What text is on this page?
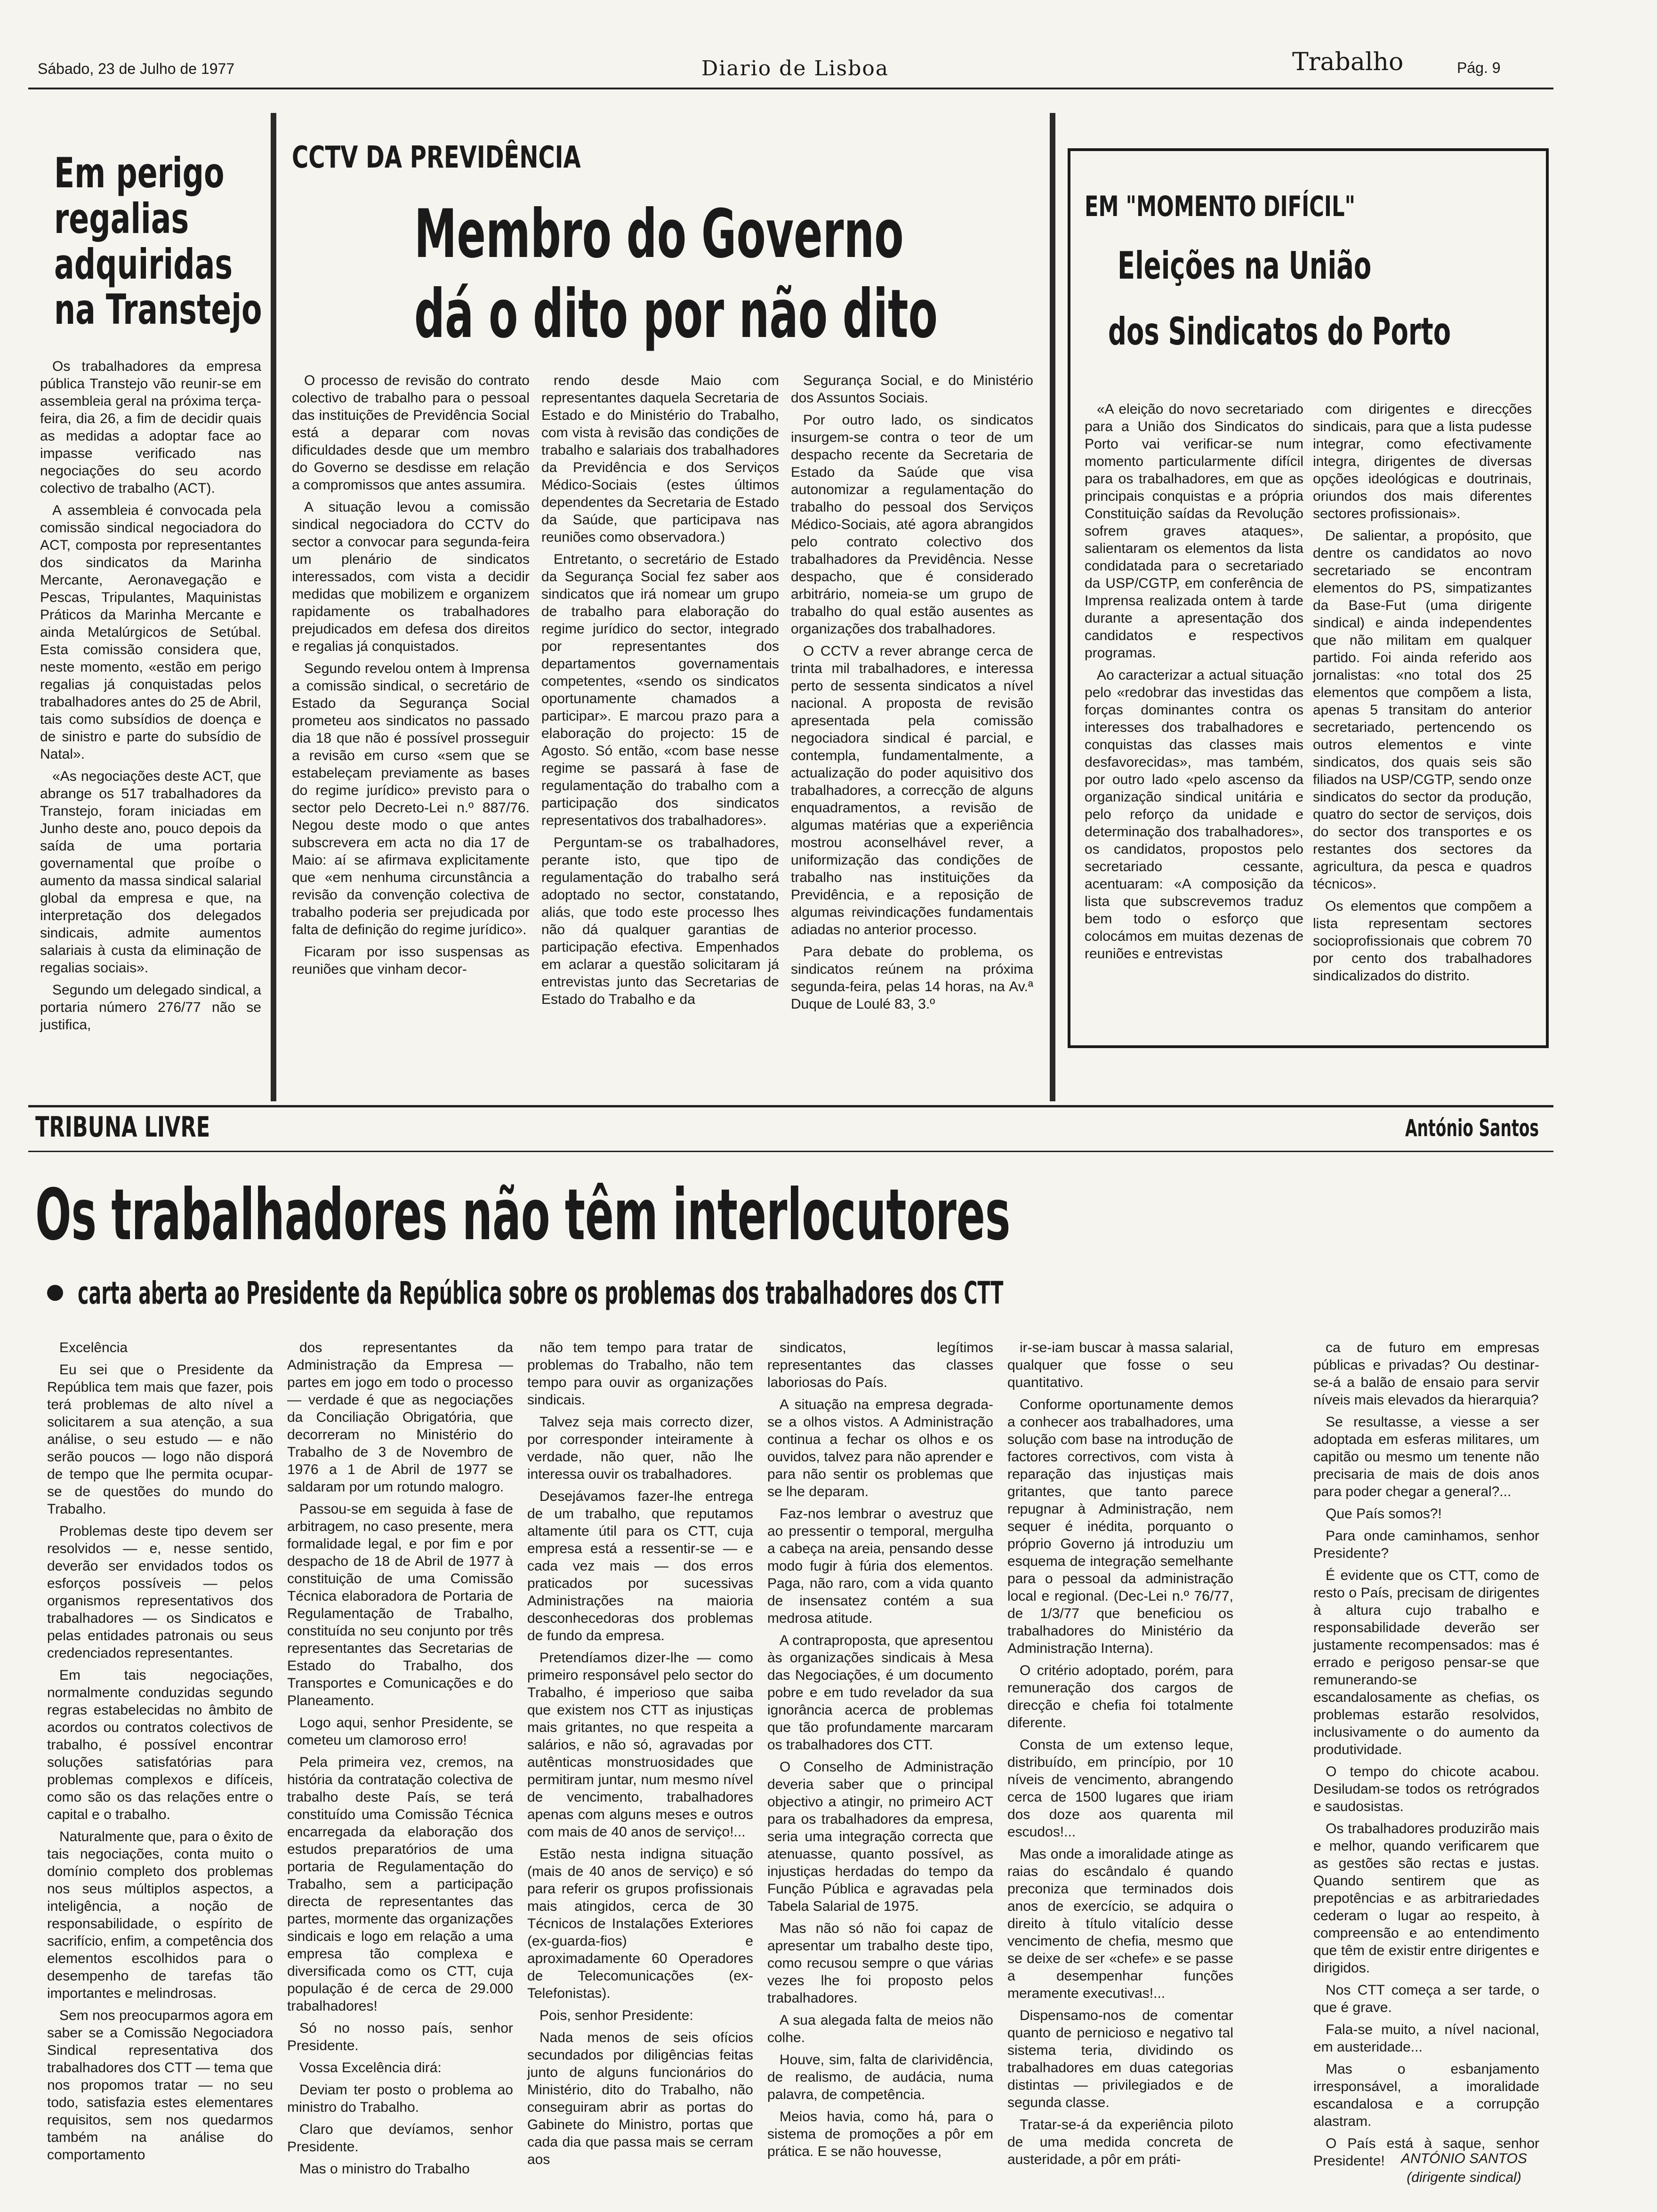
Sábado, 23 de Julho de 1977	Diario de Lisboa	Trabalho	Pág. 9
Em perigo
regalias
adquiridas
na Transtejo

Os trabalhadores da empresa pública Transtejo vão reunir-se em assembleia geral na próxima terça-feira, dia 26, a fim de decidir quais as medidas a adoptar face ao impasse verificado nas negociações do seu acordo colectivo de trabalho (ACT).

A assembleia é convocada pela comissão sindical negociadora do ACT, composta por representantes dos sindicatos da Marinha Mercante, Aeronavegação e Pescas, Tripulantes, Maquinistas Práticos da Marinha Mercante e ainda Metalúrgicos de Setúbal. Esta comissão considera que, neste momento, «estão em perigo regalias já conquistadas pelos trabalhadores antes do 25 de Abril, tais como subsídios de doença e de sinistro e parte do subsídio de Natal».

«As negociações deste ACT, que abrange os 517 trabalhadores da Transtejo, foram iniciadas em Junho deste ano, pouco depois da saída de uma portaria governamental que proíbe o aumento da massa sindical salarial global da empresa e que, na interpretação dos delegados sindicais, admite aumentos salariais à custa da eliminação de regalias sociais».

Segundo um delegado sindical, a portaria número 276/77 não se justifica,

CCTV DA PREVIDÊNCIA
Membro do Governo
dá o dito por não dito

O processo de revisão do contrato colectivo de trabalho para o pessoal das instituições de Previdência Social está a deparar com novas dificuldades desde que um membro do Governo se desdisse em relação a compromissos que antes assumira.

A situação levou a comissão sindical negociadora do CCTV do sector a convocar para segunda-feira um plenário de sindicatos interessados, com vista a decidir medidas que mobilizem e organizem rapidamente os trabalhadores prejudicados em defesa dos direitos e regalias já conquistados.

Segundo revelou ontem à Imprensa a comissão sindical, o secretário de Estado da Segurança Social prometeu aos sindicatos no passado dia 18 que não é possível prosseguir a revisão em curso «sem que se estabeleçam previamente as bases do regime jurídico» previsto para o sector pelo Decreto-Lei n.º 887/76. Negou deste modo o que antes subscrevera em acta no dia 17 de Maio: aí se afirmava explicitamente que «em nenhuma circunstância a revisão da convenção colectiva de trabalho poderia ser prejudicada por falta de definição do regime jurídico».

Ficaram por isso suspensas as reuniões que vinham decor-

rendo desde Maio com representantes daquela Secretaria de Estado e do Ministério do Trabalho, com vista à revisão das condições de trabalho e salariais dos trabalhadores da Previdência e dos Serviços Médico-Sociais (estes últimos dependentes da Secretaria de Estado da Saúde, que participava nas reuniões como observadora.)

Entretanto, o secretário de Estado da Segurança Social fez saber aos sindicatos que irá nomear um grupo de trabalho para elaboração do regime jurídico do sector, integrado por representantes dos departamentos governamentais competentes, «sendo os sindicatos oportunamente chamados a participar». E marcou prazo para a elaboração do projecto: 15 de Agosto. Só então, «com base nesse regime se passará à fase de regulamentação do trabalho com a participação dos sindicatos representativos dos trabalhadores».

Perguntam-se os trabalhadores, perante isto, que tipo de regulamentação do trabalho será adoptado no sector, constatando, aliás, que todo este processo lhes não dá qualquer garantias de participação efectiva. Empenhados em aclarar a questão solicitaram já entrevistas junto das Secretarias de Estado do Trabalho e da

Segurança Social, e do Ministério dos Assuntos Sociais.

Por outro lado, os sindicatos insurgem-se contra o teor de um despacho recente da Secretaria de Estado da Saúde que visa autonomizar a regulamentação do trabalho do pessoal dos Serviços Médico-Sociais, até agora abrangidos pelo contrato colectivo dos trabalhadores da Previdência. Nesse despacho, que é considerado arbitrário, nomeia-se um grupo de trabalho do qual estão ausentes as organizações dos trabalhadores.

O CCTV a rever abrange cerca de trinta mil trabalhadores, e interessa perto de sessenta sindicatos a nível nacional. A proposta de revisão apresentada pela comissão negociadora sindical é parcial, e contempla, fundamentalmente, a actualização do poder aquisitivo dos trabalhadores, a correcção de alguns enquadramentos, a revisão de algumas matérias que a experiência mostrou aconselhável rever, a uniformização das condições de trabalho nas instituições da Previdência, e a reposição de algumas reivindicações fundamentais adiadas no anterior processo.

Para debate do problema, os sindicatos reúnem na próxima segunda-feira, pelas 14 horas, na Av.ª Duque de Loulé 83, 3.º

EM "MOMENTO DIFÍCIL"
Eleições na União
dos Sindicatos do Porto

«A eleição do novo secretariado para a União dos Sindicatos do Porto vai verificar-se num momento particularmente difícil para os trabalhadores, em que as principais conquistas e a própria Constituição saídas da Revolução sofrem graves ataques», salientaram os elementos da lista condidatada para o secretariado da USP/CGTP, em conferência de Imprensa realizada ontem à tarde durante a apresentação dos candidatos e respectivos programas.

Ao caracterizar a actual situação pelo «redobrar das investidas das forças dominantes contra os interesses dos trabalhadores e conquistas das classes mais desfavorecidas», mas também, por outro lado «pelo ascenso da organização sindical unitária e pelo reforço da unidade e determinação dos trabalhadores», os candidatos, propostos pelo secretariado cessante, acentuaram: «A composição da lista que subscrevemos traduz bem todo o esforço que colocámos em muitas dezenas de reuniões e entrevistas

com dirigentes e direcções sindicais, para que a lista pudesse integrar, como efectivamente integra, dirigentes de diversas opções ideológicas e doutrinais, oriundos dos mais diferentes sectores profissionais».

De salientar, a propósito, que dentre os candidatos ao novo secretariado se encontram elementos do PS, simpatizantes da Base-Fut (uma dirigente sindical) e ainda independentes que não militam em qualquer partido. Foi ainda referido aos jornalistas: «no total dos 25 elementos que compõem a lista, apenas 5 transitam do anterior secretariado, pertencendo os outros elementos e vinte sindicatos, dos quais seis são filiados na USP/CGTP, sendo onze sindicatos do sector da produção, quatro do sector de serviços, dois do sector dos transportes e os restantes dos sectores da agricultura, da pesca e quadros técnicos».

Os elementos que compõem a lista representam sectores socioprofissionais que cobrem 70 por cento dos trabalhadores sindicalizados do distrito.

TRIBUNA LIVRE	António Santos
Os trabalhadores não têm interlocutores
carta aberta ao Presidente da República sobre os problemas dos trabalhadores dos CTT

Excelência

Eu sei que o Presidente da República tem mais que fazer, pois terá problemas de alto nível a solicitarem a sua atenção, a sua análise, o seu estudo — e não serão poucos — logo não disporá de tempo que lhe permita ocupar-se de questões do mundo do Trabalho.

Problemas deste tipo devem ser resolvidos — e, nesse sentido, deverão ser envidados todos os esforços possíveis — pelos organismos representativos dos trabalhadores — os Sindicatos e pelas entidades patronais ou seus credenciados representantes.

Em tais negociações, normalmente conduzidas segundo regras estabelecidas no âmbito de acordos ou contratos colectivos de trabalho, é possível encontrar soluções satisfatórias para problemas complexos e difíceis, como são os das relações entre o capital e o trabalho.

Naturalmente que, para o êxito de tais negociações, conta muito o domínio completo dos problemas nos seus múltiplos aspectos, a inteligência, a noção de responsabilidade, o espírito de sacrifício, enfim, a competência dos elementos escolhidos para o desempenho de tarefas tão importantes e melindrosas.

Sem nos preocuparmos agora em saber se a Comissão Negociadora Sindical representativa dos trabalhadores dos CTT — tema que nos propomos tratar — no seu todo, satisfazia estes elementares requisitos, sem nos quedarmos também na análise do comportamento

dos representantes da Administração da Empresa — partes em jogo em todo o processo — verdade é que as negociações da Conciliação Obrigatória, que decorreram no Ministério do Trabalho de 3 de Novembro de 1976 a 1 de Abril de 1977 se saldaram por um rotundo malogro.

Passou-se em seguida à fase de arbitragem, no caso presente, mera formalidade legal, e por fim e por despacho de 18 de Abril de 1977 à constituição de uma Comissão Técnica elaboradora de Portaria de Regulamentação de Trabalho, constituída no seu conjunto por três representantes das Secretarias de Estado do Trabalho, dos Transportes e Comunicações e do Planeamento.

Logo aqui, senhor Presidente, se cometeu um clamoroso erro!

Pela primeira vez, cremos, na história da contratação colectiva de trabalho deste País, se terá constituído uma Comissão Técnica encarregada da elaboração dos estudos preparatórios de uma portaria de Regulamentação do Trabalho, sem a participação directa de representantes das partes, mormente das organizações sindicais e logo em relação a uma empresa tão complexa e diversificada como os CTT, cuja população é de cerca de 29.000 trabalhadores!

Só no nosso país, senhor Presidente.

Vossa Excelência dirá:

Deviam ter posto o problema ao ministro do Trabalho.

Claro que devíamos, senhor Presidente.

Mas o ministro do Trabalho

não tem tempo para tratar de problemas do Trabalho, não tem tempo para ouvir as organizações sindicais.

Talvez seja mais correcto dizer, por corresponder inteiramente à verdade, não quer, não lhe interessa ouvir os trabalhadores.

Desejávamos fazer-lhe entrega de um trabalho, que reputamos altamente útil para os CTT, cuja empresa está a ressentir-se — e cada vez mais — dos erros praticados por sucessivas Administrações na maioria desconhecedoras dos problemas de fundo da empresa.

Pretendíamos dizer-lhe — como primeiro responsável pelo sector do Trabalho, é imperioso que saiba que existem nos CTT as injustiças mais gritantes, no que respeita a salários, e não só, agravadas por autênticas monstruosidades que permitiram juntar, num mesmo nível de vencimento, trabalhadores apenas com alguns meses e outros com mais de 40 anos de serviço!...

Estão nesta indigna situação (mais de 40 anos de serviço) e só para referir os grupos profissionais mais atingidos, cerca de 30 Técnicos de Instalações Exteriores (ex-guarda-fios) e aproximadamente 60 Operadores de Telecomunicações (ex-Telefonistas).

Pois, senhor Presidente:

Nada menos de seis ofícios secundados por diligências feitas junto de alguns funcionários do Ministério, dito do Trabalho, não conseguiram abrir as portas do Gabinete do Ministro, portas que cada dia que passa mais se cerram aos

sindicatos, legítimos representantes das classes laboriosas do País.

A situação na empresa degrada-se a olhos vistos. A Administração continua a fechar os olhos e os ouvidos, talvez para não aprender e para não sentir os problemas que se lhe deparam.

Faz-nos lembrar o avestruz que ao pressentir o temporal, mergulha a cabeça na areia, pensando desse modo fugir à fúria dos elementos. Paga, não raro, com a vida quanto de insensatez contém a sua medrosa atitude.

A contraproposta, que apresentou às organizações sindicais à Mesa das Negociações, é um documento pobre e em tudo revelador da sua ignorância acerca de problemas que tão profundamente marcaram os trabalhadores dos CTT.

O Conselho de Administração deveria saber que o principal objectivo a atingir, no primeiro ACT para os trabalhadores da empresa, seria uma integração correcta que atenuasse, quanto possível, as injustiças herdadas do tempo da Função Pública e agravadas pela Tabela Salarial de 1975.

Mas não só não foi capaz de apresentar um trabalho deste tipo, como recusou sempre o que várias vezes lhe foi proposto pelos trabalhadores.

A sua alegada falta de meios não colhe.

Houve, sim, falta de clarividência, de realismo, de audácia, numa palavra, de competência.

Meios havia, como há, para o sistema de promoções a pôr em prática. E se não houvesse,

ir-se-iam buscar à massa salarial, qualquer que fosse o seu quantitativo.

Conforme oportunamente demos a conhecer aos trabalhadores, uma solução com base na introdução de factores correctivos, com vista à reparação das injustiças mais gritantes, que tanto parece repugnar à Administração, nem sequer é inédita, porquanto o próprio Governo já introduziu um esquema de integração semelhante para o pessoal da administração local e regional. (Dec-Lei n.º 76/77, de 1/3/77 que beneficiou os trabalhadores do Ministério da Administração Interna).

O critério adoptado, porém, para remuneração dos cargos de direcção e chefia foi totalmente diferente.

Consta de um extenso leque, distribuído, em princípio, por 10 níveis de vencimento, abrangendo cerca de 1500 lugares que iriam dos doze aos quarenta mil escudos!...

Mas onde a imoralidade atinge as raias do escândalo é quando preconiza que terminados dois anos de exercício, se adquira o direito à título vitalício desse vencimento de chefia, mesmo que se deixe de ser «chefe» e se passe a desempenhar funções meramente executivas!...

Dispensamo-nos de comentar quanto de pernicioso e negativo tal sistema teria, dividindo os trabalhadores em duas categorias distintas — privilegiados e de segunda classe.

Tratar-se-á da experiência piloto de uma medida concreta de austeridade, a pôr em práti-

ca de futuro em empresas públicas e privadas? Ou destinar-se-á a balão de ensaio para servir níveis mais elevados da hierarquia?

Se resultasse, a viesse a ser adoptada em esferas militares, um capitão ou mesmo um tenente não precisaria de mais de dois anos para poder chegar a general?...

Que País somos?!

Para onde caminhamos, senhor Presidente?

É evidente que os CTT, como de resto o País, precisam de dirigentes à altura cujo trabalho e responsabilidade deverão ser justamente recompensados: mas é errado e perigoso pensar-se que remunerando-se escandalosamente as chefias, os problemas estarão resolvidos, inclusivamente o do aumento da produtividade.

O tempo do chicote acabou. Desiludam-se todos os retrógrados e saudosistas.

Os trabalhadores produzirão mais e melhor, quando verificarem que as gestões são rectas e justas. Quando sentirem que as prepotências e as arbitrariedades cederam o lugar ao respeito, à compreensão e ao entendimento que têm de existir entre dirigentes e dirigidos.

Nos CTT começa a ser tarde, o que é grave.

Fala-se muito, a nível nacional, em austeridade...

Mas o esbanjamento irresponsável, a imoralidade escandalosa e a corrupção alastram.

O País está à saque, senhor Presidente!	ANTÓNIO SANTOS
(dirigente sindical)
